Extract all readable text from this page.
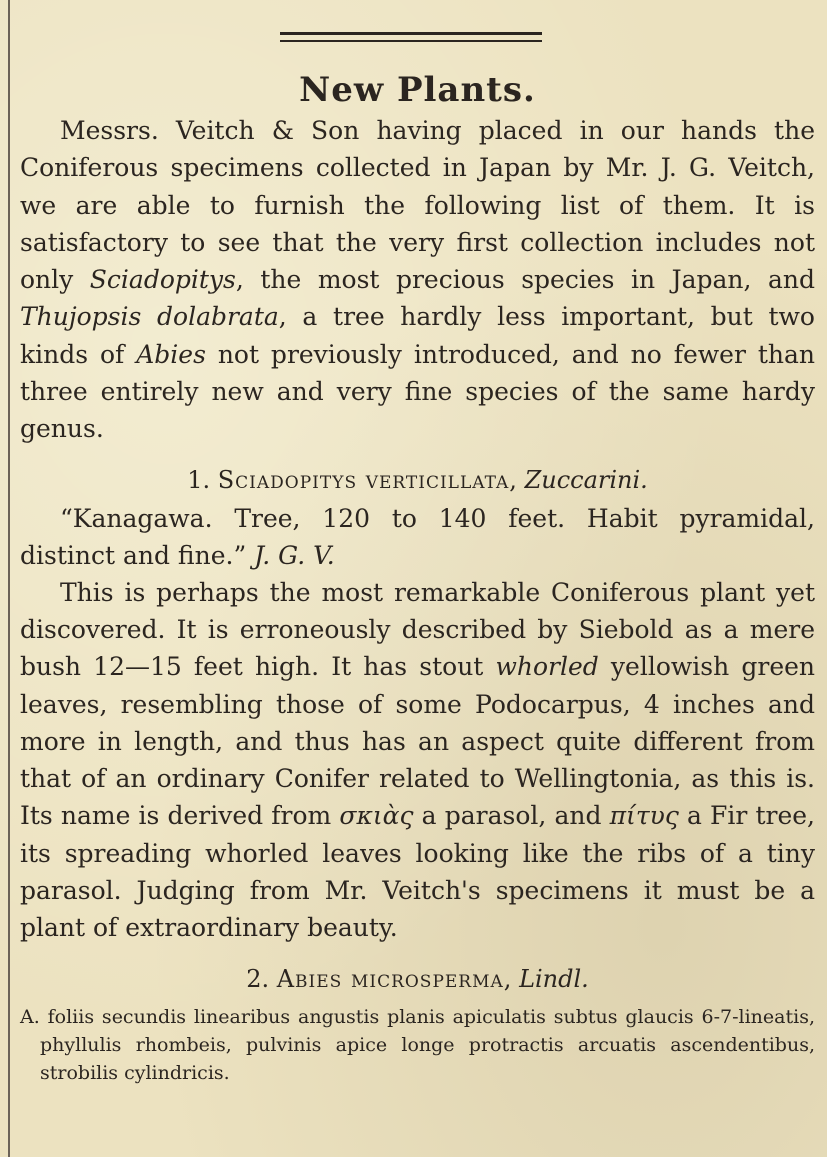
New Plants.

Messrs. Veitch & Son having placed in our hands the Coniferous specimens collected in Japan by Mr. J. G. Veitch, we are able to furnish the following list of them. It is satisfactory to see that the very first collection includes not only Sciadopitys, the most precious species in Japan, and Thujopsis dolabrata, a tree hardly less important, but two kinds of Abies not previously introduced, and no fewer than three entirely new and very fine species of the same hardy genus.

1. Sciadopitys verticillata, Zuccarini.

“Kanagawa. Tree, 120 to 140 feet. Habit pyramidal, distinct and fine.” J. G. V.

This is perhaps the most remarkable Coniferous plant yet discovered. It is erroneously described by Siebold as a mere bush 12—15 feet high. It has stout whorled yellowish green leaves, resembling those of some Podocarpus, 4 inches and more in length, and thus has an aspect quite different from that of an ordinary Conifer related to Wellingtonia, as this is. Its name is derived from σκιὰς a parasol, and πίτυς a Fir tree, its spreading whorled leaves looking like the ribs of a tiny parasol. Judging from Mr. Veitch's specimens it must be a plant of extraordinary beauty.

2. Abies microsperma, Lindl.

A. foliis secundis linearibus angustis planis apiculatis subtus glaucis 6-7-lineatis, phyllulis rhombeis, pulvinis apice longe protractis arcuatis ascendentibus, strobilis cylindricis.
